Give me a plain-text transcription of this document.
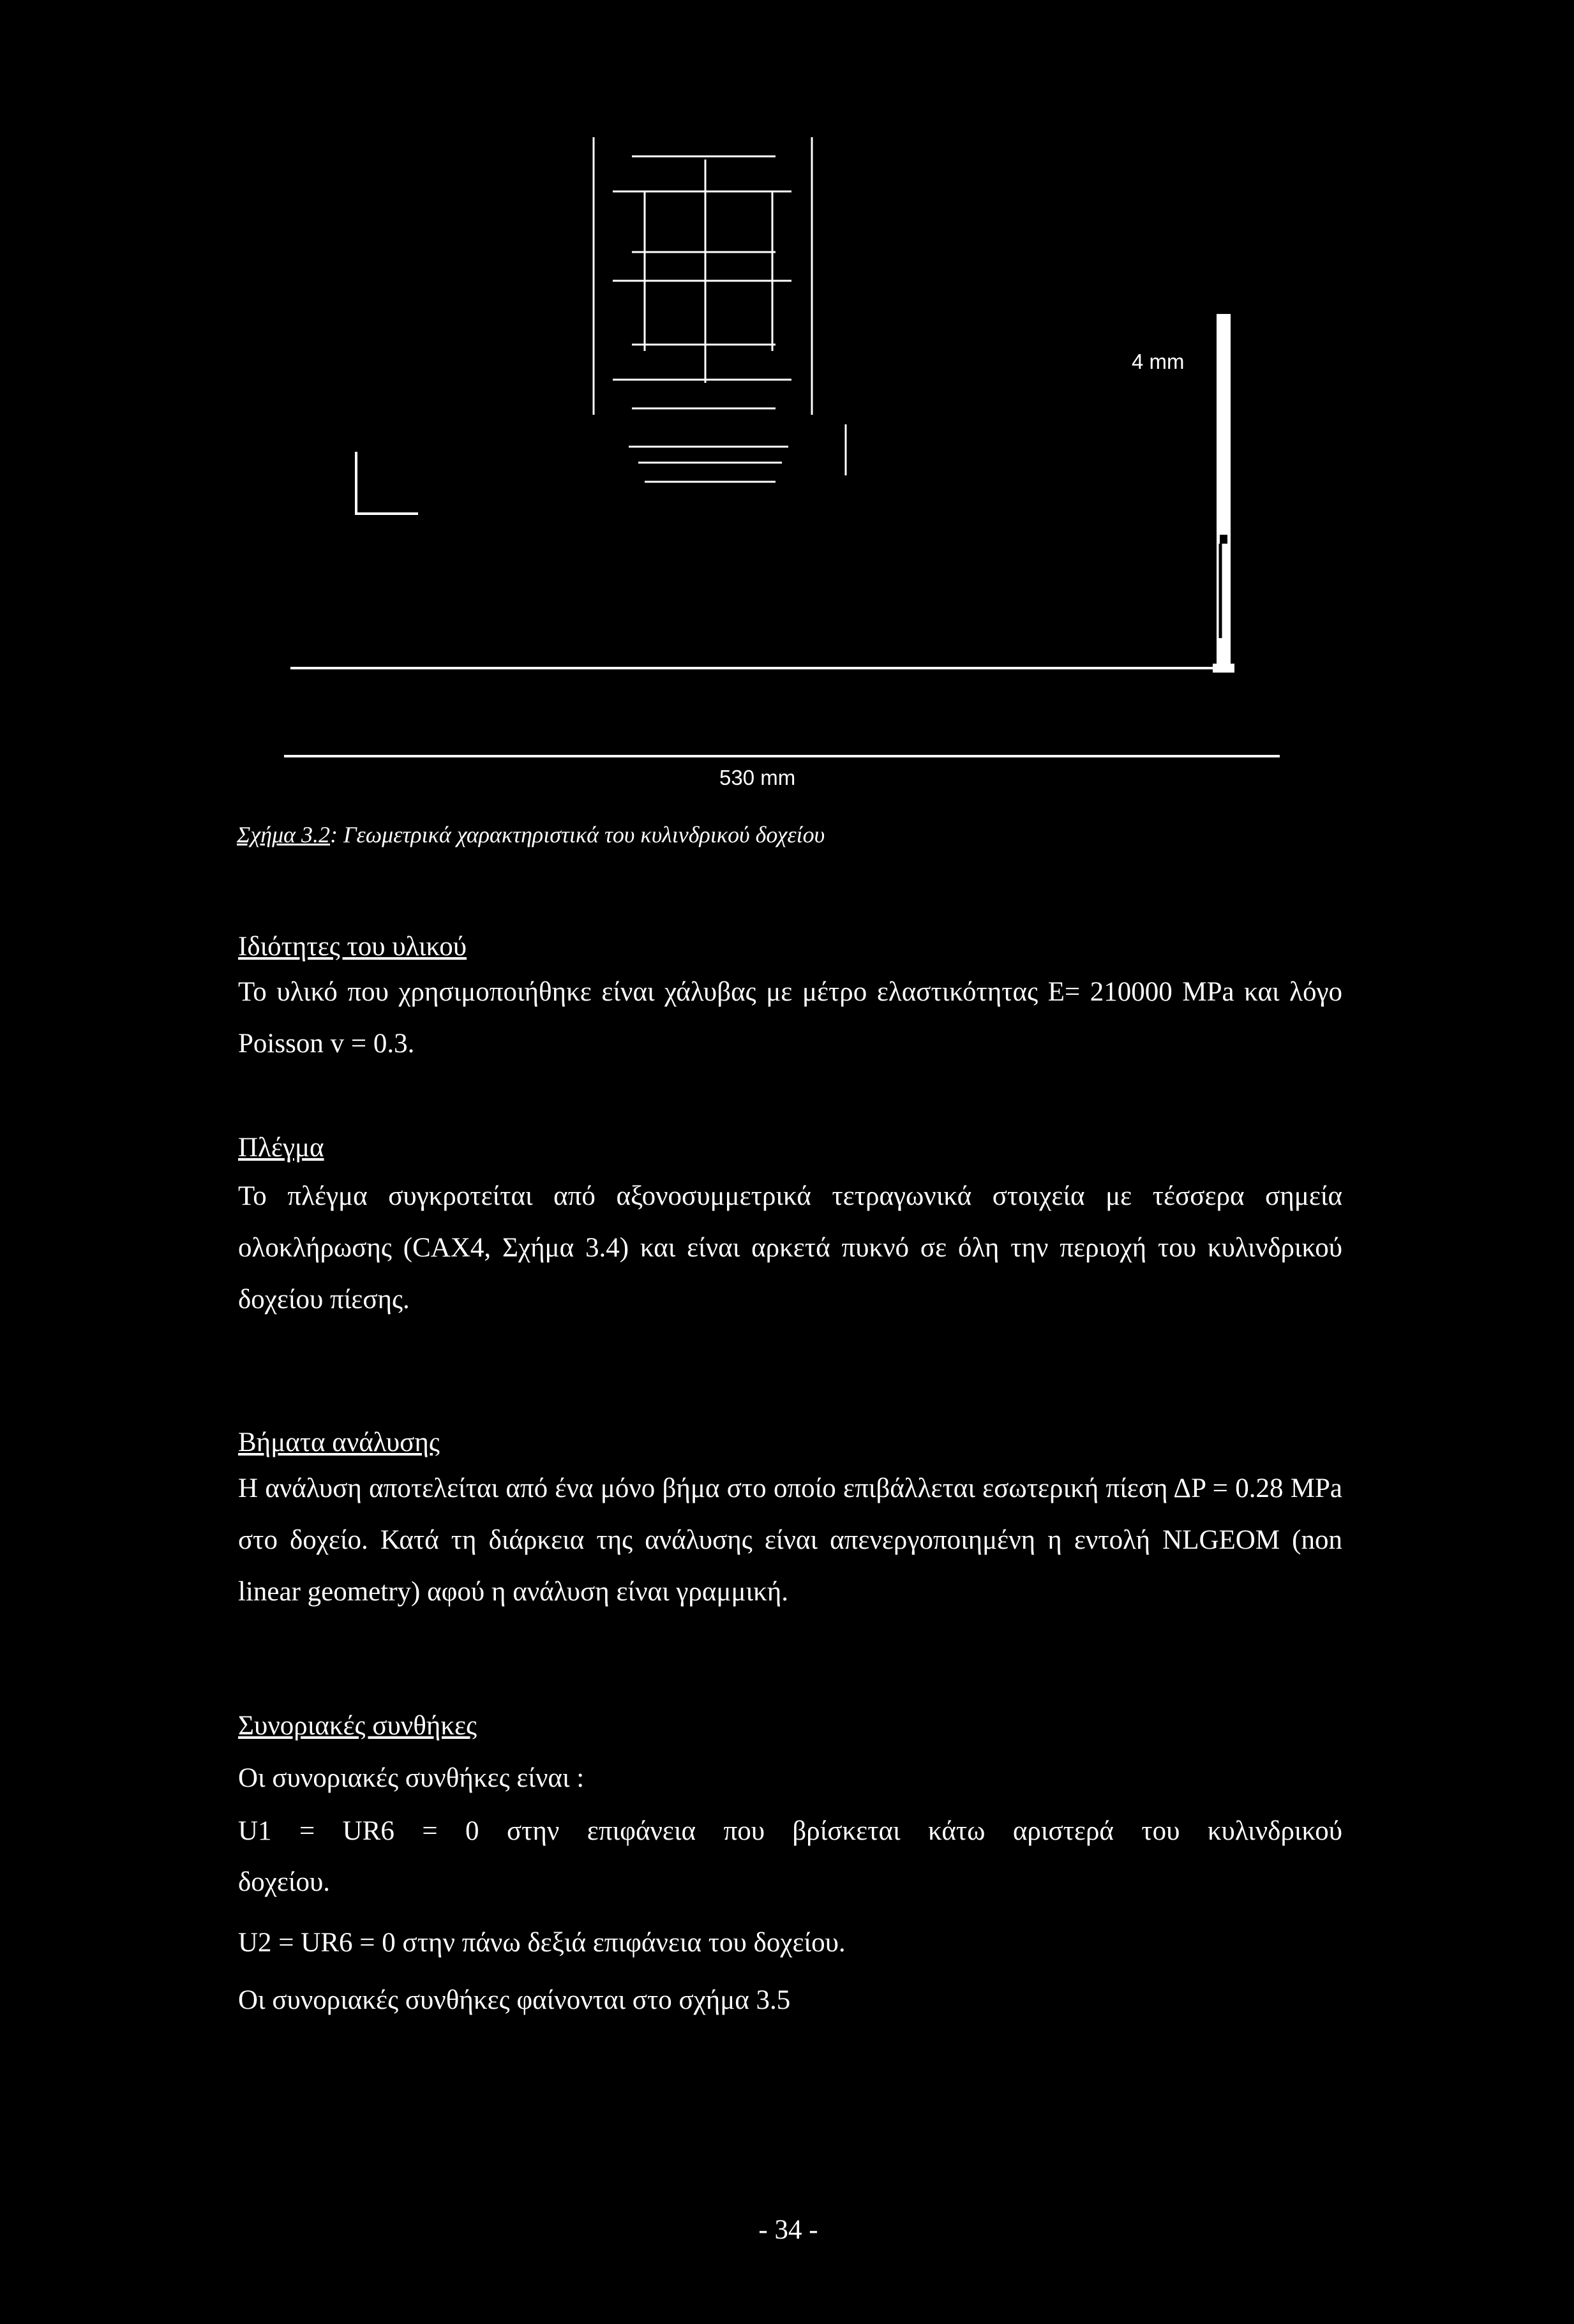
4 mm
530 mm
Σχήμα 3.2: Γεωμετρικά χαρακτηριστικά του κυλινδρικού δοχείου
Ιδιότητες του υλικού
Το υλικό που χρησιμοποιήθηκε είναι χάλυβας με μέτρο ελαστικότητας E= 210000 MPa και λόγο Poisson v = 0.3.
Πλέγμα
Το πλέγμα συγκροτείται από αξονοσυμμετρικά τετραγωνικά στοιχεία με τέσσερα σημεία ολοκλήρωσης (CAX4, Σχήμα 3.4) και είναι αρκετά πυκνό σε όλη την περιοχή του κυλινδρικού δοχείου πίεσης.
Βήματα ανάλυσης
Η ανάλυση αποτελείται από ένα μόνο βήμα στο οποίο επιβάλλεται εσωτερική πίεση ΔP = 0.28 MPa στο δοχείο. Κατά τη διάρκεια της ανάλυσης είναι απενεργοποιημένη η εντολή NLGEOM (non linear geometry) αφού η ανάλυση είναι γραμμική.
Συνοριακές συνθήκες
Οι συνοριακές συνθήκες είναι :
U1 = UR6 = 0 στην επιφάνεια που βρίσκεται κάτω αριστερά του κυλινδρικού
δοχείου.
U2 = UR6 = 0 στην πάνω δεξιά επιφάνεια του δοχείου.
Οι συνοριακές συνθήκες φαίνονται στο σχήμα 3.5
- 34 -
